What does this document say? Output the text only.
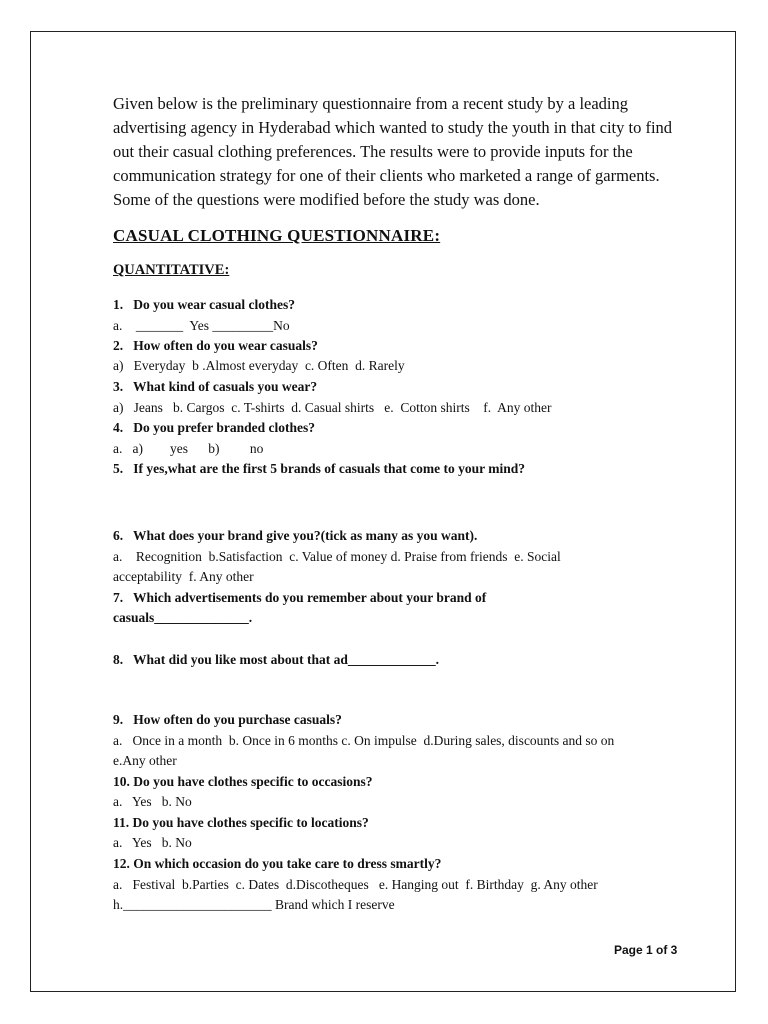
Given below is the preliminary questionnaire from a recent study by a leading advertising agency in Hyderabad which wanted to study the youth in that city to find out their casual clothing preferences. The results were to provide inputs for the communication strategy for one of their clients who marketed a range of garments. Some of the questions were modified before the study was done.

CASUAL CLOTHING QUESTIONNAIRE:
QUANTITATIVE:

1.   Do you wear casual clothes?

a.    _______  Yes _________No

2.   How often do you wear casuals?

a)   Everyday  b .Almost everyday  c. Often  d. Rarely

3.   What kind of casuals you wear?

a)   Jeans   b. Cargos  c. T-shirts  d. Casual shirts   e.  Cotton shirts    f.  Any other

4.   Do you prefer branded clothes?

a.   a)        yes      b)         no

5.   If yes,what are the first 5 brands of casuals that come to your mind?

6.   What does your brand give you?(tick as many as you want).

a.    Recognition  b.Satisfaction  c. Value of money d. Praise from friends  e. Social

acceptability  f. Any other

7.   Which advertisements do you remember about your brand of

casuals______________.

8.   What did you like most about that ad_____________.

9.   How often do you purchase casuals?

a.   Once in a month  b. Once in 6 months c. On impulse  d.During sales, discounts and so on

e.Any other

10. Do you have clothes specific to occasions?

a.   Yes   b. No

11. Do you have clothes specific to locations?

a.   Yes   b. No

12. On which occasion do you take care to dress smartly?

a.   Festival  b.Parties  c. Dates  d.Discotheques   e. Hanging out  f. Birthday  g. Any other

h.______________________ Brand which I reserve

Page 1 of 3
